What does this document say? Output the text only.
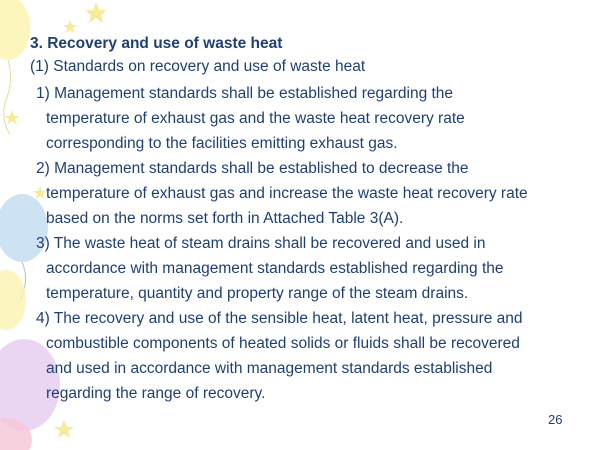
3. Recovery and use of waste heat
(1) Standards on recovery and use of waste heat
1) Management standards shall be established regarding the
temperature of exhaust gas and the waste heat recovery rate
corresponding to the facilities emitting exhaust gas.
2) Management standards shall be established to decrease the
temperature of exhaust gas and increase the waste heat recovery rate
based on the norms set forth in Attached Table 3(A).
3) The waste heat of steam drains shall be recovered and used in
accordance with management standards established regarding the
temperature, quantity and property range of the steam drains.
4) The recovery and use of the sensible heat, latent heat, pressure and
combustible components of heated solids or fluids shall be recovered
and used in accordance with management standards established
regarding the range of recovery.
26
